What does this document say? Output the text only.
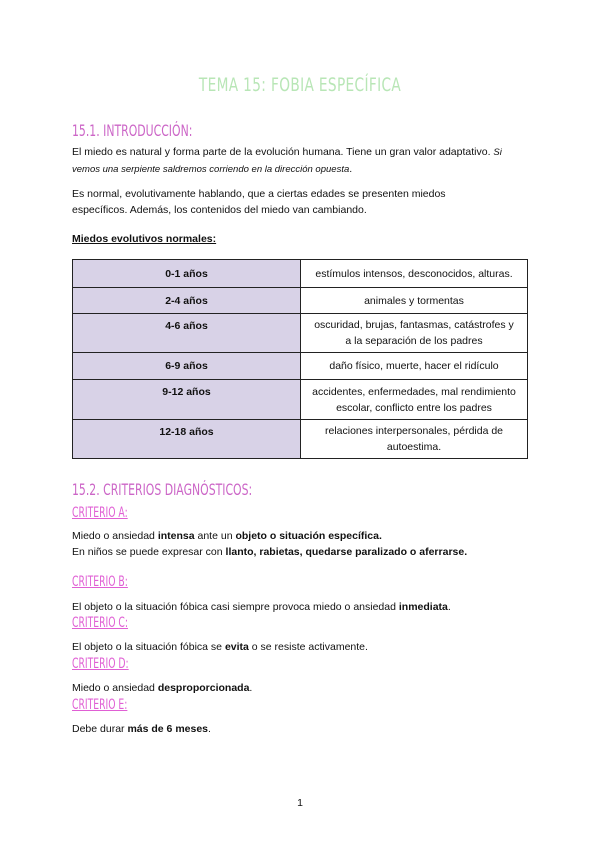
TEMA 15: FOBIA ESPECÍFICA
15.1. INTRODUCCIÓN:
El miedo es natural y forma parte de la evolución humana. Tiene un gran valor adaptativo. Si
vemos una serpiente saldremos corriendo en la dirección opuesta.
Es normal, evolutivamente hablando, que a ciertas edades se presenten miedos
específicos. Además, los contenidos del miedo van cambiando.
Miedos evolutivos normales:
0-1 años	estímulos intensos, desconocidos, alturas.
2-4 años	animales y tormentas
4-6 años	oscuridad, brujas, fantasmas, catástrofes y
a la separación de los padres
6-9 años	daño físico, muerte, hacer el ridículo
9-12 años	accidentes, enfermedades, mal rendimiento
escolar, conflicto entre los padres
12-18 años	relaciones interpersonales, pérdida de
autoestima.
15.2. CRITERIOS DIAGNÓSTICOS:
CRITERIO A:
Miedo o ansiedad intensa ante un objeto o situación específica.
En niños se puede expresar con llanto, rabietas, quedarse paralizado o aferrarse.
CRITERIO B:
El objeto o la situación fóbica casi siempre provoca miedo o ansiedad inmediata.
CRITERIO C:
El objeto o la situación fóbica se evita o se resiste activamente.
CRITERIO D:
Miedo o ansiedad desproporcionada.
CRITERIO E:
Debe durar más de 6 meses.
1
